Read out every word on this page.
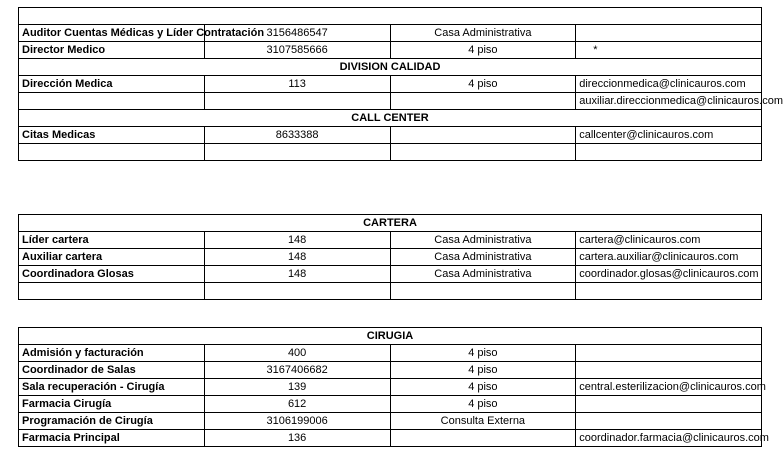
Auditor Cuentas Médicas y Líder Contratación	3156486547	Casa Administrativa	
Director Medico	3107585666	4 piso	*
DIVISION CALIDAD			
Dirección Medica	113	4 piso	direccionmedica@clinicauros.com
			auxiliar.direccionmedica@clinicauros.com
CALL CENTER			
Citas Medicas	8633388		callcenter@clinicauros.com

CARTERA			
Líder cartera	148	Casa Administrativa	cartera@clinicauros.com
Auxiliar cartera	148	Casa Administrativa	cartera.auxiliar@clinicauros.com
Coordinadora Glosas	148	Casa Administrativa	coordinador.glosas@clinicauros.com

CIRUGIA			
Admisión y facturación	400	4 piso	
Coordinador de Salas	3167406682	4 piso	
Sala recuperación - Cirugía	139	4 piso	central.esterilizacion@clinicauros.com
Farmacia Cirugía	612	4 piso	
Programación de Cirugía	3106199006	Consulta Externa	
Farmacia Principal	136		coordinador.farmacia@clinicauros.com
